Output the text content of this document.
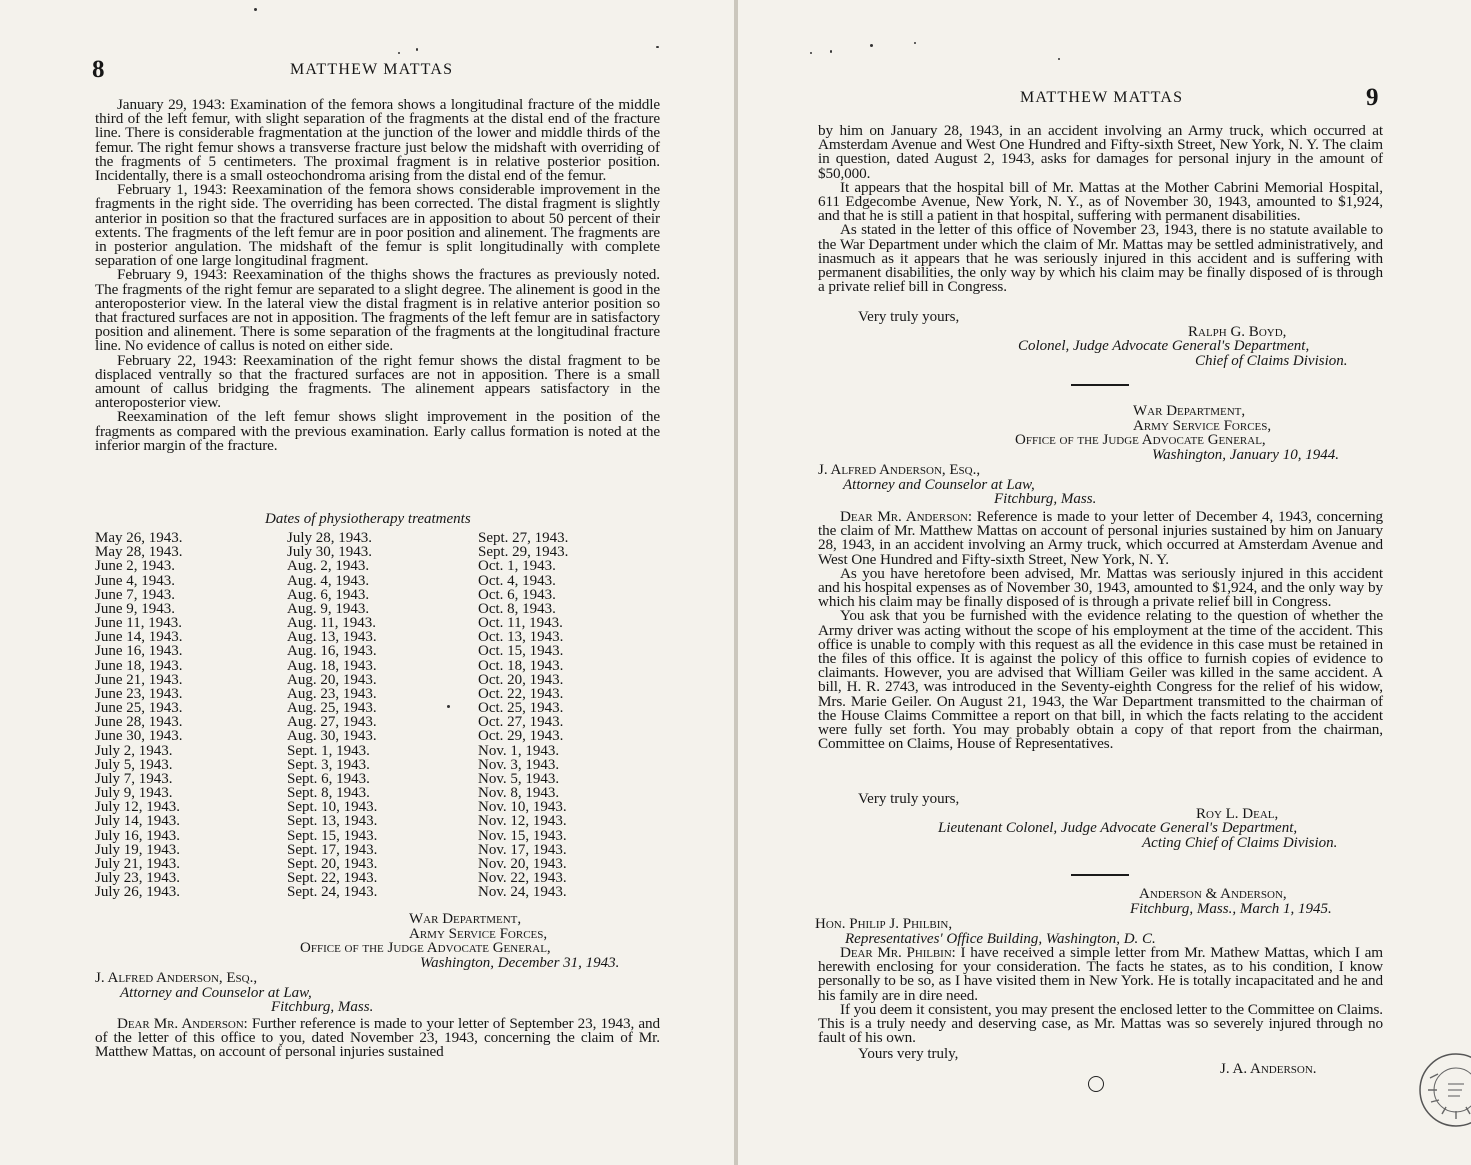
8	MATTHEW MATTAS

January 29, 1943: Examination of the femora shows a longitudinal fracture of the middle third of the left femur, with slight separation of the fragments at the distal end of the fracture line. There is considerable fragmentation at the junction of the lower and middle thirds of the femur. The right femur shows a transverse fracture just below the midshaft with overriding of the fragments of 5 centimeters. The proximal fragment is in relative posterior position. Incidentally, there is a small osteochondroma arising from the distal end of the femur.

February 1, 1943: Reexamination of the femora shows considerable improvement in the fragments in the right side. The overriding has been corrected. The distal fragment is slightly anterior in position so that the fractured surfaces are in apposition to about 50 percent of their extents. The fragments of the left femur are in poor position and alinement. The fragments are in posterior angulation. The midshaft of the femur is split longitudinally with complete separation of one large longitudinal fragment.

February 9, 1943: Reexamination of the thighs shows the fractures as previously noted. The fragments of the right femur are separated to a slight degree. The alinement is good in the anteroposterior view. In the lateral view the distal fragment is in relative anterior position so that fractured surfaces are not in apposition. The fragments of the left femur are in satisfactory position and alinement. There is some separation of the fragments at the longitudinal fracture line. No evidence of callus is noted on either side.

February 22, 1943: Reexamination of the right femur shows the distal fragment to be displaced ventrally so that the fractured surfaces are not in apposition. There is a small amount of callus bridging the fragments. The alinement appears satisfactory in the anteroposterior view.

Reexamination of the left femur shows slight improvement in the position of the fragments as compared with the previous examination. Early callus formation is noted at the inferior margin of the fracture.

Dates of physiotherapy treatments
May 26, 1943.
May 28, 1943.
June 2, 1943.
June 4, 1943.
June 7, 1943.
June 9, 1943.
June 11, 1943.
June 14, 1943.
June 16, 1943.
June 18, 1943.
June 21, 1943.
June 23, 1943.
June 25, 1943.
June 28, 1943.
June 30, 1943.
July 2, 1943.
July 5, 1943.
July 7, 1943.
July 9, 1943.
July 12, 1943.
July 14, 1943.
July 16, 1943.
July 19, 1943.
July 21, 1943.
July 23, 1943.
July 26, 1943.
July 28, 1943.
July 30, 1943.
Aug. 2, 1943.
Aug. 4, 1943.
Aug. 6, 1943.
Aug. 9, 1943.
Aug. 11, 1943.
Aug. 13, 1943.
Aug. 16, 1943.
Aug. 18, 1943.
Aug. 20, 1943.
Aug. 23, 1943.
Aug. 25, 1943.
Aug. 27, 1943.
Aug. 30, 1943.
Sept. 1, 1943.
Sept. 3, 1943.
Sept. 6, 1943.
Sept. 8, 1943.
Sept. 10, 1943.
Sept. 13, 1943.
Sept. 15, 1943.
Sept. 17, 1943.
Sept. 20, 1943.
Sept. 22, 1943.
Sept. 24, 1943.
Sept. 27, 1943.
Sept. 29, 1943.
Oct. 1, 1943.
Oct. 4, 1943.
Oct. 6, 1943.
Oct. 8, 1943.
Oct. 11, 1943.
Oct. 13, 1943.
Oct. 15, 1943.
Oct. 18, 1943.
Oct. 20, 1943.
Oct. 22, 1943.
Oct. 25, 1943.
Oct. 27, 1943.
Oct. 29, 1943.
Nov. 1, 1943.
Nov. 3, 1943.
Nov. 5, 1943.
Nov. 8, 1943.
Nov. 10, 1943.
Nov. 12, 1943.
Nov. 15, 1943.
Nov. 17, 1943.
Nov. 20, 1943.
Nov. 22, 1943.
Nov. 24, 1943.
War Department,
Army Service Forces,
Office of the Judge Advocate General,
Washington, December 31, 1943.
J. Alfred Anderson, Esq.,
Attorney and Counselor at Law,
Fitchburg, Mass.

Dear Mr. Anderson: Further reference is made to your letter of September 23, 1943, and of the letter of this office to you, dated November 23, 1943, concerning the claim of Mr. Matthew Mattas, on account of personal injuries sustained

MATTHEW MATTAS	9

by him on January 28, 1943, in an accident involving an Army truck, which occurred at Amsterdam Avenue and West One Hundred and Fifty-sixth Street, New York, N. Y. The claim in question, dated August 2, 1943, asks for damages for personal injury in the amount of $50,000.

It appears that the hospital bill of Mr. Mattas at the Mother Cabrini Memorial Hospital, 611 Edgecombe Avenue, New York, N. Y., as of November 30, 1943, amounted to $1,924, and that he is still a patient in that hospital, suffering with permanent disabilities.

As stated in the letter of this office of November 23, 1943, there is no statute available to the War Department under which the claim of Mr. Mattas may be settled administratively, and inasmuch as it appears that he was seriously injured in this accident and is suffering with permanent disabilities, the only way by which his claim may be finally disposed of is through a private relief bill in Congress.

Very truly yours,
Ralph G. Boyd,
Colonel, Judge Advocate General's Department,
Chief of Claims Division.
War Department,
Army Service Forces,
Office of the Judge Advocate General,
Washington, January 10, 1944.
J. Alfred Anderson, Esq.,
Attorney and Counselor at Law,
Fitchburg, Mass.

Dear Mr. Anderson: Reference is made to your letter of December 4, 1943, concerning the claim of Mr. Matthew Mattas on account of personal injuries sustained by him on January 28, 1943, in an accident involving an Army truck, which occurred at Amsterdam Avenue and West One Hundred and Fifty-sixth Street, New York, N. Y.

As you have heretofore been advised, Mr. Mattas was seriously injured in this accident and his hospital expenses as of November 30, 1943, amounted to $1,924, and the only way by which his claim may be finally disposed of is through a private relief bill in Congress.

You ask that you be furnished with the evidence relating to the question of whether the Army driver was acting without the scope of his employment at the time of the accident. This office is unable to comply with this request as all the evidence in this case must be retained in the files of this office. It is against the policy of this office to furnish copies of evidence to claimants. However, you are advised that William Geiler was killed in the same accident. A bill, H. R. 2743, was introduced in the Seventy-eighth Congress for the relief of his widow, Mrs. Marie Geiler. On August 21, 1943, the War Department transmitted to the chairman of the House Claims Committee a report on that bill, in which the facts relating to the accident were fully set forth. You may probably obtain a copy of that report from the chairman, Committee on Claims, House of Representatives.

Very truly yours,
Roy L. Deal,
Lieutenant Colonel, Judge Advocate General's Department,
Acting Chief of Claims Division.
Anderson & Anderson,
Fitchburg, Mass., March 1, 1945.
Hon. Philip J. Philbin,
Representatives' Office Building, Washington, D. C.

Dear Mr. Philbin: I have received a simple letter from Mr. Mathew Mattas, which I am herewith enclosing for your consideration. The facts he states, as to his condition, I know personally to be so, as I have visited them in New York. He is totally incapacitated and he and his family are in dire need.

If you deem it consistent, you may present the enclosed letter to the Committee on Claims. This is a truly needy and deserving case, as Mr. Mattas was so severely injured through no fault of his own.

Yours very truly,
J. A. Anderson.
